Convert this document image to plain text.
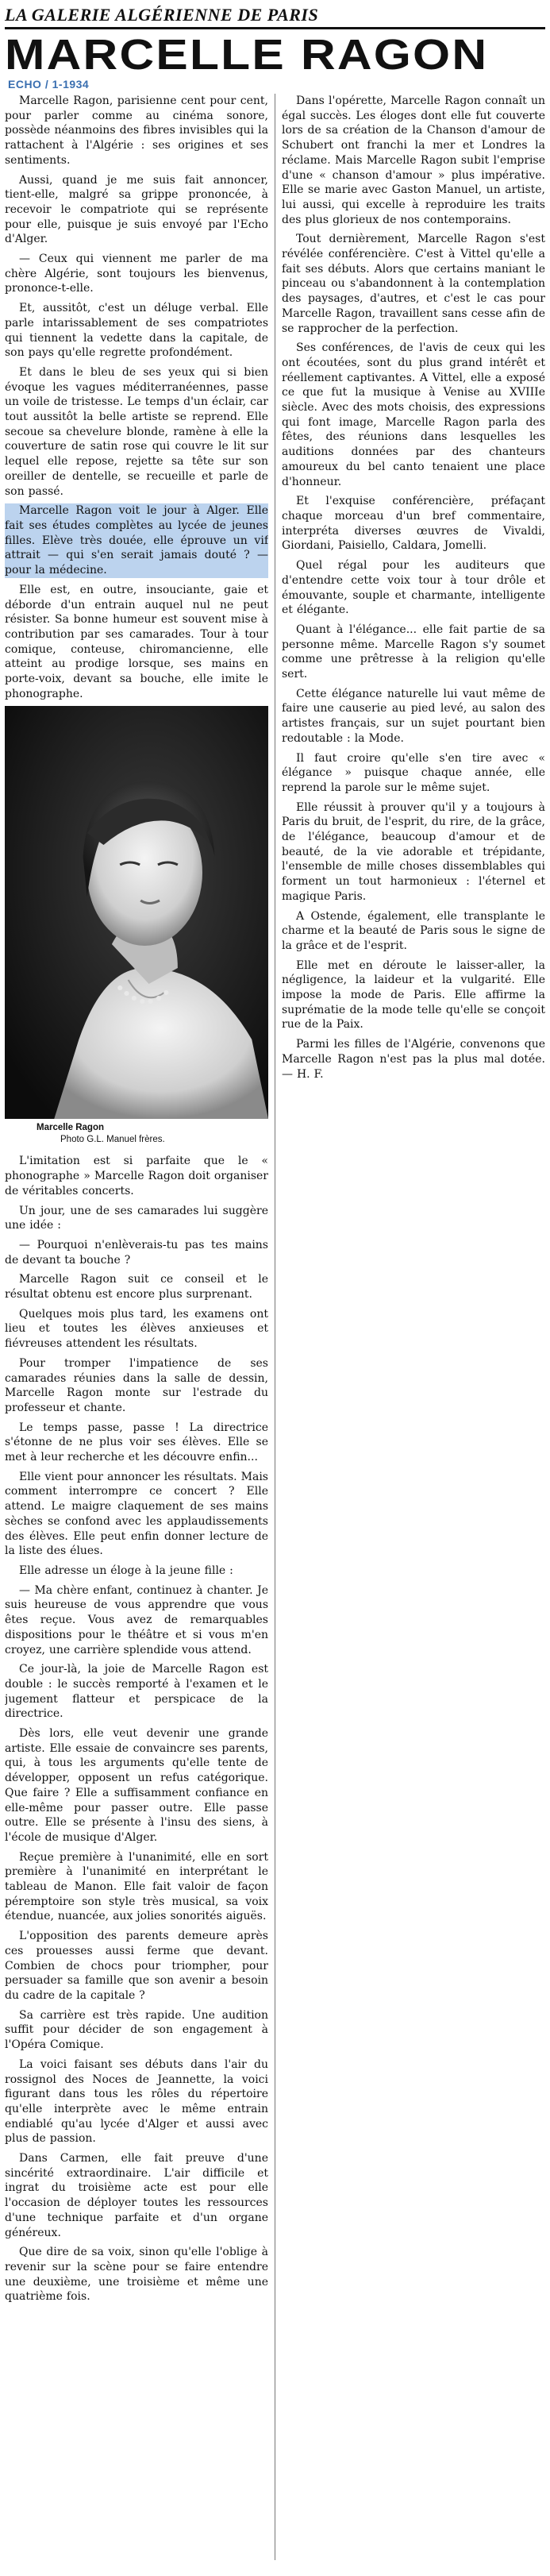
LA GALERIE ALGÉRIENNE DE PARIS
MARCELLE RAGON
ECHO / 1-1934

Marcelle Ragon, parisienne cent pour cent, pour parler comme au cinéma sonore, possède néanmoins des fibres invisibles qui la rattachent à l'Algérie : ses origines et ses sentiments.

Aussi, quand je me suis fait annoncer, tient-elle, malgré sa grippe prononcée, à recevoir le compatriote qui se représente pour elle, puisque je suis envoyé par l'Echo d'Alger.

— Ceux qui viennent me parler de ma chère Algérie, sont toujours les bienvenus, prononce-t-elle.

Et, aussitôt, c'est un déluge verbal. Elle parle intarissablement de ses compatriotes qui tiennent la vedette dans la capitale, de son pays qu'elle regrette profondément.

Et dans le bleu de ses yeux qui si bien évoque les vagues méditerranéennes, passe un voile de tristesse. Le temps d'un éclair, car tout aussitôt la belle artiste se reprend. Elle secoue sa chevelure blonde, ramène à elle la couverture de satin rose qui couvre le lit sur lequel elle repose, rejette sa tête sur son oreiller de dentelle, se recueille et parle de son passé.

Marcelle Ragon voit le jour à Alger. Elle fait ses études complètes au lycée de jeunes filles. Elève très douée, elle éprouve un vif attrait — qui s'en serait jamais douté ? — pour la médecine.

Elle est, en outre, insouciante, gaie et déborde d'un entrain auquel nul ne peut résister. Sa bonne humeur est souvent mise à contribution par ses camarades. Tour à tour comique, conteuse, chiromancienne, elle atteint au prodige lorsque, ses mains en porte-voix, devant sa bouche, elle imite le phonographe.

Marcelle Ragon
Photo G.L. Manuel frères.

L'imitation est si parfaite que le « phonographe » Marcelle Ragon doit organiser de véritables concerts.

Un jour, une de ses camarades lui suggère une idée :

— Pourquoi n'enlèverais-tu pas tes mains de devant ta bouche ?

Marcelle Ragon suit ce conseil et le résultat obtenu est encore plus surprenant.

Quelques mois plus tard, les examens ont lieu et toutes les élèves anxieuses et fiévreuses attendent les résultats.

Pour tromper l'impatience de ses camarades réunies dans la salle de dessin, Marcelle Ragon monte sur l'estrade du professeur et chante.

Le temps passe, passe ! La directrice s'étonne de ne plus voir ses élèves. Elle se met à leur recherche et les découvre enfin...

Elle vient pour annoncer les résultats. Mais comment interrompre ce concert ? Elle attend. Le maigre claquement de ses mains sèches se confond avec les applaudissements des élèves. Elle peut enfin donner lecture de la liste des élues.

Elle adresse un éloge à la jeune fille :

— Ma chère enfant, continuez à chanter. Je suis heureuse de vous apprendre que vous êtes reçue. Vous avez de remarquables dispositions pour le théâtre et si vous m'en croyez, une carrière splendide vous attend.

Ce jour-là, la joie de Marcelle Ragon est double : le succès remporté à l'examen et le jugement flatteur et perspicace de la directrice.

Dès lors, elle veut devenir une grande artiste. Elle essaie de convaincre ses parents, qui, à tous les arguments qu'elle tente de développer, opposent un refus catégorique. Que faire ? Elle a suffisamment confiance en elle-même pour passer outre. Elle passe outre. Elle se présente à l'insu des siens, à l'école de musique d'Alger.

Reçue première à l'unanimité, elle en sort première à l'unanimité en interprétant le tableau de Manon. Elle fait valoir de façon péremptoire son style très musical, sa voix étendue, nuancée, aux jolies sonorités aiguës.

L'opposition des parents demeure après ces prouesses aussi ferme que devant. Combien de chocs pour triompher, pour persuader sa famille que son avenir a besoin du cadre de la capitale ?

Sa carrière est très rapide. Une audition suffit pour décider de son engagement à l'Opéra Comique.

La voici faisant ses débuts dans l'air du rossignol des Noces de Jeannette, la voici figurant dans tous les rôles du répertoire qu'elle interprète avec le même entrain endiablé qu'au lycée d'Alger et aussi avec plus de passion.

Dans Carmen, elle fait preuve d'une sincérité extraordinaire. L'air difficile et ingrat du troisième acte est pour elle l'occasion de déployer toutes les ressources d'une technique parfaite et d'un organe généreux.

Que dire de sa voix, sinon qu'elle l'oblige à revenir sur la scène pour se faire entendre une deuxième, une troisième et même une quatrième fois.

Dans l'opérette, Marcelle Ragon connaît un égal succès. Les éloges dont elle fut couverte lors de sa création de la Chanson d'amour de Schubert ont franchi la mer et Londres la réclame. Mais Marcelle Ragon subit l'emprise d'une « chanson d'amour » plus impérative. Elle se marie avec Gaston Manuel, un artiste, lui aussi, qui excelle à reproduire les traits des plus glorieux de nos contemporains.

Tout dernièrement, Marcelle Ragon s'est révélée conférencière. C'est à Vittel qu'elle a fait ses débuts. Alors que certains maniant le pinceau ou s'abandonnent à la contemplation des paysages, d'autres, et c'est le cas pour Marcelle Ragon, travaillent sans cesse afin de se rapprocher de la perfection.

Ses conférences, de l'avis de ceux qui les ont écoutées, sont du plus grand intérêt et réellement captivantes. A Vittel, elle a exposé ce que fut la musique à Venise au XVIIIe siècle. Avec des mots choisis, des expressions qui font image, Marcelle Ragon parla des fêtes, des réunions dans lesquelles les auditions données par des chanteurs amoureux du bel canto tenaient une place d'honneur.

Et l'exquise conférencière, préfaçant chaque morceau d'un bref commentaire, interpréta diverses œuvres de Vivaldi, Giordani, Paisiello, Caldara, Jomelli.

Quel régal pour les auditeurs que d'entendre cette voix tour à tour drôle et émouvante, souple et charmante, intelligente et élégante.

Quant à l'élégance... elle fait partie de sa personne même. Marcelle Ragon s'y soumet comme une prêtresse à la religion qu'elle sert.

Cette élégance naturelle lui vaut même de faire une causerie au pied levé, au salon des artistes français, sur un sujet pourtant bien redoutable : la Mode.

Il faut croire qu'elle s'en tire avec « élégance » puisque chaque année, elle reprend la parole sur le même sujet.

Elle réussit à prouver qu'il y a toujours à Paris du bruit, de l'esprit, du rire, de la grâce, de l'élégance, beaucoup d'amour et de beauté, de la vie adorable et trépidante, l'ensemble de mille choses dissemblables qui forment un tout harmonieux : l'éternel et magique Paris.

A Ostende, également, elle transplante le charme et la beauté de Paris sous le signe de la grâce et de l'esprit.

Elle met en déroute le laisser-aller, la négligence, la laideur et la vulgarité. Elle impose la mode de Paris. Elle affirme la suprématie de la mode telle qu'elle se conçoit rue de la Paix.

Parmi les filles de l'Algérie, convenons que Marcelle Ragon n'est pas la plus mal dotée. — H. F.
